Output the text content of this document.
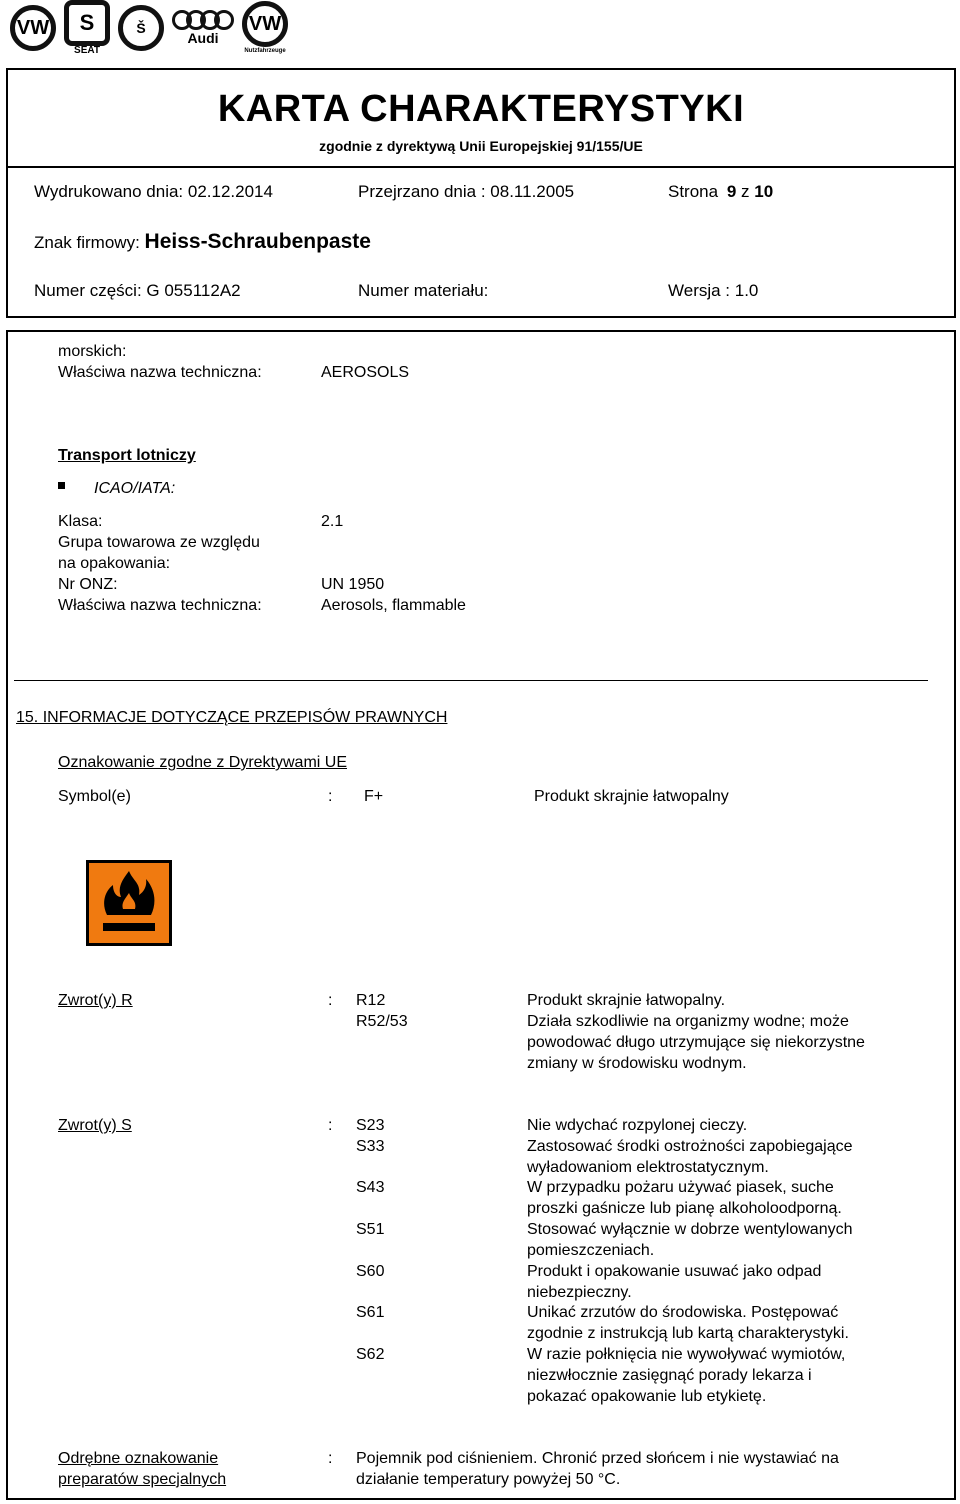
VW	S
SEAT
Š
Audi
VW
Nutzfahrzeuge
KARTA CHARAKTERYSTYKI
zgodnie z dyrektywą Unii Europejskiej 91/155/UE
Wydrukowano dnia: 02.12.2014	Przejrzano dnia : 08.11.2005	Strona 9 z 10
Znak firmowy: Heiss-Schraubenpaste
Numer części: G 055112A2	Numer materiału:	Wersja : 1.0
morskich:
Właściwa nazwa techniczna:	AEROSOLS
Transport lotniczy
ICAO/IATA:
Klasa:	2.1
Grupa towarowa ze względu
na opakowania:
Nr ONZ:	UN 1950
Właściwa nazwa techniczna:	Aerosols, flammable
15. INFORMACJE DOTYCZĄCE PRZEPISÓW PRAWNYCH
Oznakowanie zgodne z Dyrektywami UE
Symbol(e)	: F+	Produkt skrajnie łatwopalny
Zwrot(y) R	: R12	Produkt skrajnie łatwopalny.
R52/53	Działa szkodliwie na organizmy wodne; może
powodować długo utrzymujące się niekorzystne
zmiany w środowisku wodnym.
Zwrot(y) S	: S23	Nie wdychać rozpylonej cieczy.
S33	Zastosować środki ostrożności zapobiegające
wyładowaniom elektrostatycznym.
S43	W przypadku pożaru używać piasek, suche
proszki gaśnicze lub pianę alkoholoodporną.
S51	Stosować wyłącznie w dobrze wentylowanych
pomieszczeniach.
S60	Produkt i opakowanie usuwać jako odpad
niebezpieczny.
S61	Unikać zrzutów do środowiska. Postępować
zgodnie z instrukcją lub kartą charakterystyki.
S62	W razie połknięcia nie wywoływać wymiotów,
niezwłocznie zasięgnąć porady lekarza i
pokazać opakowanie lub etykietę.
Odrębne oznakowanie
preparatów specjalnych
: Pojemnik pod ciśnieniem. Chronić przed słońcem i nie wystawiać na
działanie temperatury powyżej 50 °C.
